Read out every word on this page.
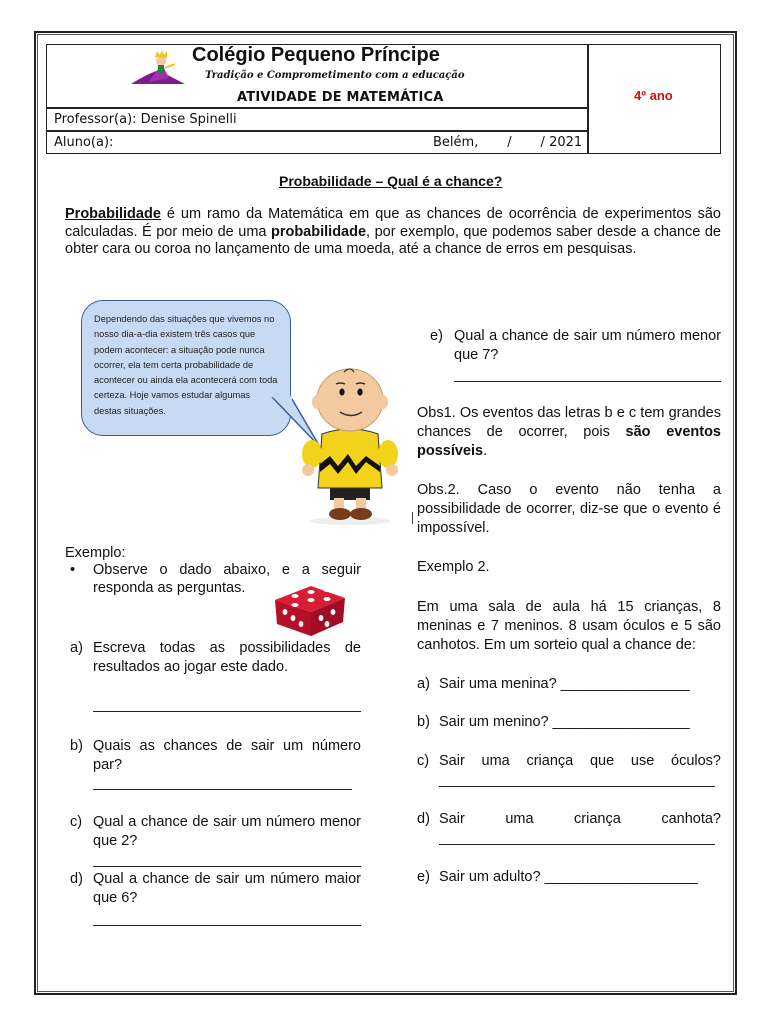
Colégio Pequeno Príncipe
Tradição e Comprometimento com a educação
ATIVIDADE DE MATEMÁTICA	4º ano
Professor(a): Denise Spinelli
Aluno(a):	Belém,       /       / 2021
Probabilidade – Qual é a chance?
Probabilidade é um ramo da Matemática em que as chances de ocorrência de experimentos são calculadas. É por meio de uma probabilidade, por exemplo, que podemos saber desde a chance de obter cara ou coroa no lançamento de uma moeda, até a chance de erros em pesquisas.
Dependendo das situações que vivemos no nosso dia-a-dia existem três casos que podem acontecer: a situação pode nunca ocorrer, ela tem certa probabilidade de acontecer ou ainda ela acontecerá com toda certeza. Hoje vamos estudar algumas destas situações.
Exemplo:
• Observe o dado abaixo, e a seguir responda as perguntas.
a) Escreva todas as possibilidades de resultados ao jogar este dado.
b) Quais as chances de sair um número par?
c) Qual a chance de sair um número menor que 2?
d) Qual a chance de sair um número maior que 6?
e) Qual a chance de sair um número menor que 7?
Obs1. Os eventos das letras b e c tem grandes chances de ocorrer, pois são eventos possíveis.
Obs.2. Caso o evento não tenha a possibilidade de ocorrer, diz-se que o evento é impossível.
Exemplo 2.
Em uma sala de aula há 15 crianças, 8 meninas e 7 meninos. 8 usam óculos e 5 são canhotos. Em um sorteio qual a chance de:
a) Sair uma menina? ________________
b) Sair um menino? _________________
c) Sair uma criança que use óculos?
d) Sair uma criança canhota?
e) Sair um adulto? ___________________
